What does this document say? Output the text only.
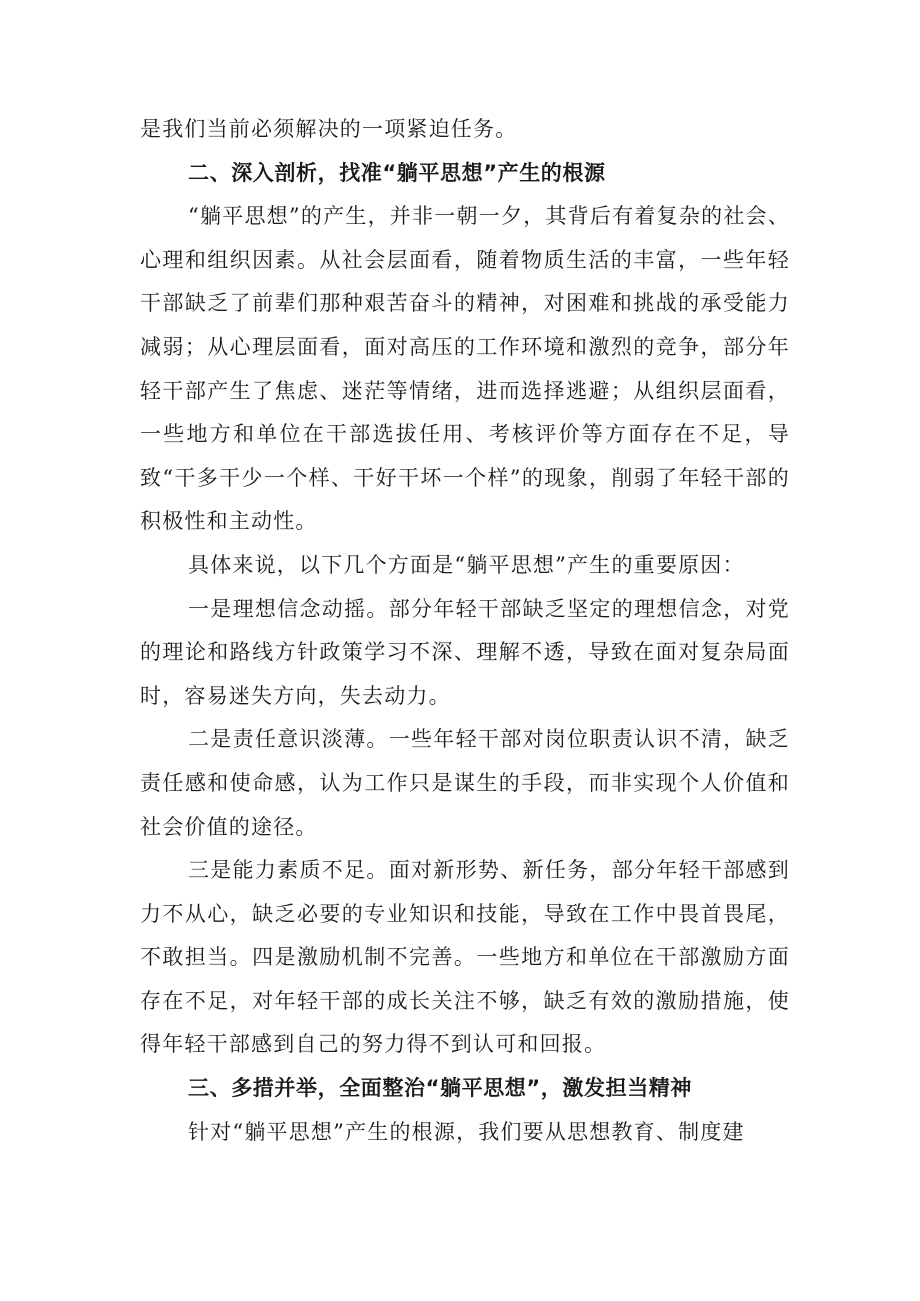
是我们当前必须解决的一项紧迫任务。

二、深入剖析，找准“躺平思想”产生的根源

“躺平思想”的产生，并非一朝一夕，其背后有着复杂的社会、心理和组织因素。从社会层面看，随着物质生活的丰富，一些年轻干部缺乏了前辈们那种艰苦奋斗的精神，对困难和挑战的承受能力减弱；从心理层面看，面对高压的工作环境和激烈的竞争，部分年轻干部产生了焦虑、迷茫等情绪，进而选择逃避；从组织层面看，一些地方和单位在干部选拔任用、考核评价等方面存在不足，导致“干多干少一个样、干好干坏一个样”的现象，削弱了年轻干部的积极性和主动性。

具体来说，以下几个方面是“躺平思想”产生的重要原因：

一是理想信念动摇。部分年轻干部缺乏坚定的理想信念，对党的理论和路线方针政策学习不深、理解不透，导致在面对复杂局面时，容易迷失方向，失去动力。

二是责任意识淡薄。一些年轻干部对岗位职责认识不清，缺乏责任感和使命感，认为工作只是谋生的手段，而非实现个人价值和社会价值的途径。

三是能力素质不足。面对新形势、新任务，部分年轻干部感到力不从心，缺乏必要的专业知识和技能，导致在工作中畏首畏尾，不敢担当。四是激励机制不完善。一些地方和单位在干部激励方面存在不足，对年轻干部的成长关注不够，缺乏有效的激励措施，使得年轻干部感到自己的努力得不到认可和回报。

三、多措并举，全面整治“躺平思想”，激发担当精神

针对“躺平思想”产生的根源，我们要从思想教育、制度建
